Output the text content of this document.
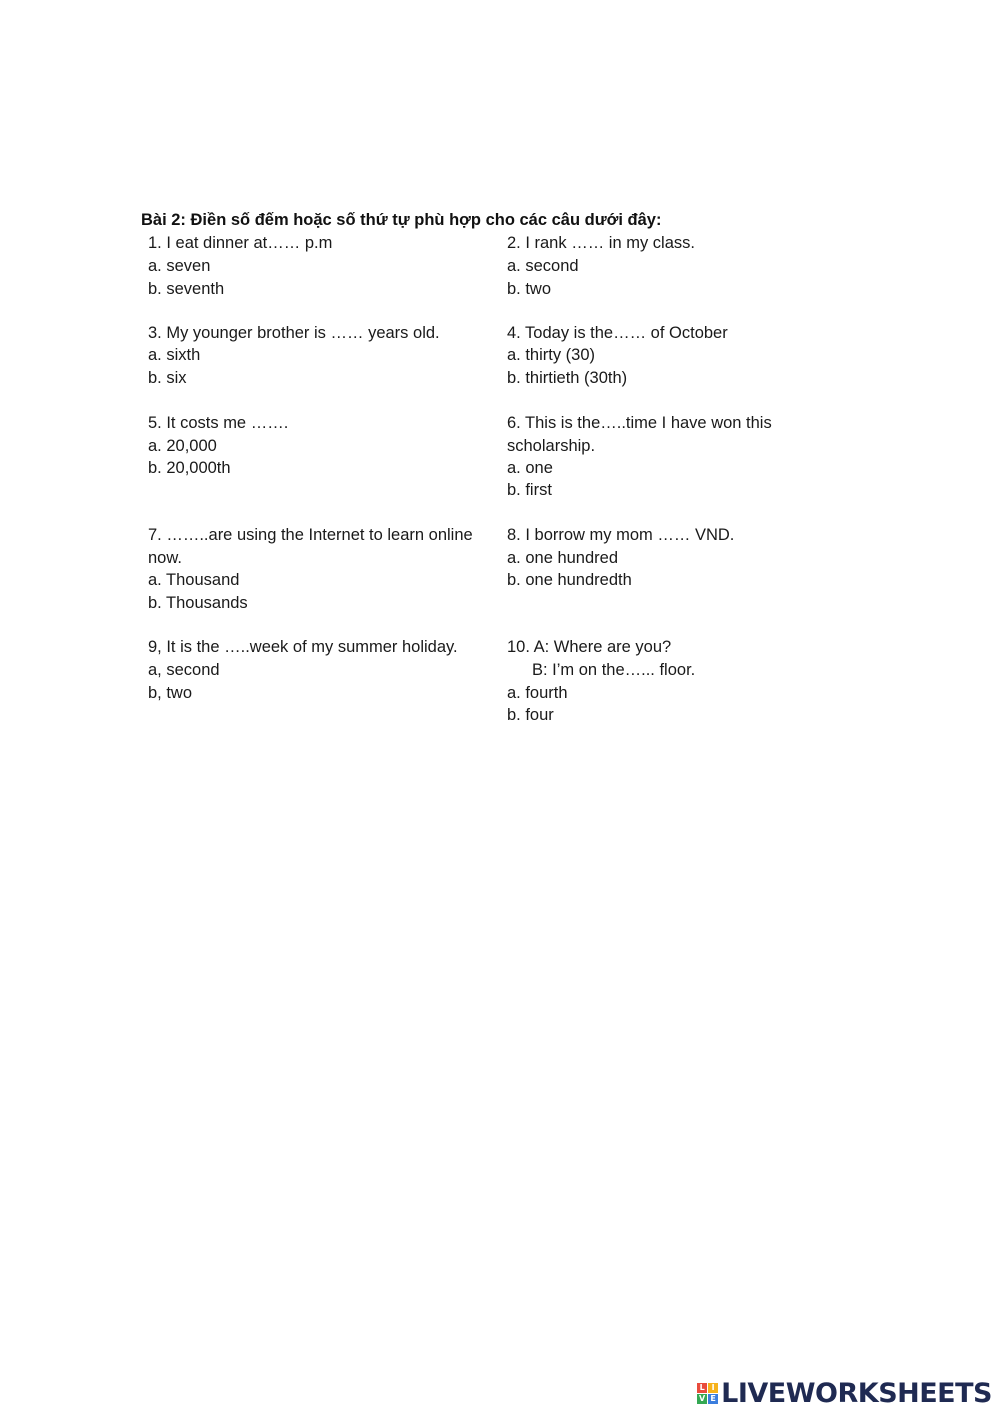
Bài 2: Điền số đếm hoặc số thứ tự phù hợp cho các câu dưới đây:
1. I eat dinner at…… p.m
a. seven
b. seventh
2. I rank …… in my class.
a. second
b. two
3. My younger brother is …… years old.
a. sixth
b. six
4. Today is the…… of October
a. thirty (30)
b. thirtieth (30th)
5. It costs me …….
a. 20,000
b. 20,000th
6. This is the…..time I have won this
scholarship.
a. one
b. first
7. ……..are using the Internet to learn online
now.
a. Thousand
b. Thousands
8. I borrow my mom …… VND.
a. one hundred
b. one hundredth
9, It is the …..week of my summer holiday.
a, second
b, two
10. A: Where are you?
B: I’m on the…... floor.
a. fourth
b. four
L I
V E LIVEWORKSHEETS
